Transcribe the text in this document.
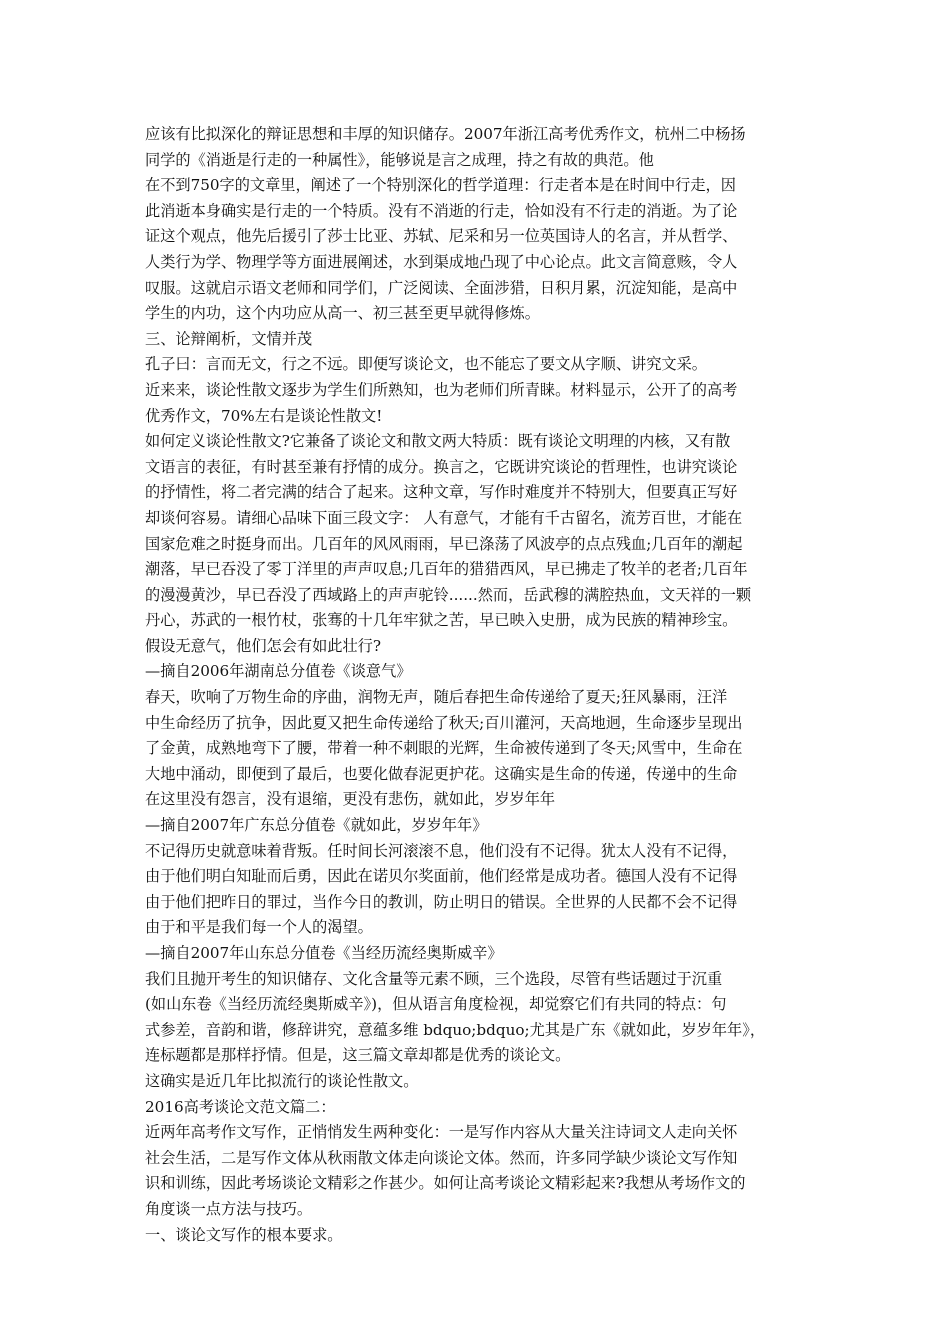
应该有比拟深化的辩证思想和丰厚的知识储存。2007年浙江高考优秀作文，杭州二中杨扬
同学的《消逝是行走的一种属性》，能够说是言之成理，持之有故的典范。他
在不到750字的文章里，阐述了一个特别深化的哲学道理：行走者本是在时间中行走，因
此消逝本身确实是行走的一个特质。没有不消逝的行走，恰如没有不行走的消逝。为了论
证这个观点，他先后援引了莎士比亚、苏轼、尼采和另一位英国诗人的名言，并从哲学、
人类行为学、物理学等方面进展阐述，水到渠成地凸现了中心论点。此文言简意赅，令人
叹服。这就启示语文老师和同学们，广泛阅读、全面涉猎，日积月累，沉淀知能，是高中
学生的内功，这个内功应从高一、初三甚至更早就得修炼。
三、论辩阐析，文情并茂
孔子曰：言而无文，行之不远。即便写谈论文，也不能忘了要文从字顺、讲究文采。
近来来，谈论性散文逐步为学生们所熟知，也为老师们所青睐。材料显示，公开了的高考
优秀作文，70%左右是谈论性散文!
如何定义谈论性散文?它兼备了谈论文和散文两大特质：既有谈论文明理的内核，又有散
文语言的表征，有时甚至兼有抒情的成分。换言之，它既讲究谈论的哲理性，也讲究谈论
的抒情性，将二者完满的结合了起来。这种文章，写作时难度并不特别大，但要真正写好
却谈何容易。请细心品味下面三段文字： 人有意气，才能有千古留名，流芳百世，才能在
国家危难之时挺身而出。几百年的风风雨雨，早已涤荡了风波亭的点点残血;几百年的潮起
潮落，早已吞没了零丁洋里的声声叹息;几百年的猎猎西风，早已拂走了牧羊的老者;几百年
的漫漫黄沙，早已吞没了西域路上的声声驼铃......然而，岳武穆的满腔热血，文天祥的一颗
丹心，苏武的一根竹杖，张骞的十几年牢狱之苦，早已映入史册，成为民族的精神珍宝。
假设无意气，他们怎会有如此壮行?
—摘自2006年湖南总分值卷《谈意气》
春天，吹响了万物生命的序曲，润物无声，随后春把生命传递给了夏天;狂风暴雨，汪洋
中生命经历了抗争，因此夏又把生命传递给了秋天;百川灌河，天高地迥，生命逐步呈现出
了金黄，成熟地弯下了腰，带着一种不刺眼的光辉，生命被传递到了冬天;风雪中，生命在
大地中涌动，即便到了最后，也要化做春泥更护花。这确实是生命的传递，传递中的生命
在这里没有怨言，没有退缩，更没有悲伤，就如此，岁岁年年
—摘自2007年广东总分值卷《就如此，岁岁年年》
不记得历史就意味着背叛。任时间长河滚滚不息，他们没有不记得。犹太人没有不记得，
由于他们明白知耻而后勇，因此在诺贝尔奖面前，他们经常是成功者。德国人没有不记得
由于他们把昨日的罪过，当作今日的教训，防止明日的错误。全世界的人民都不会不记得
由于和平是我们每一个人的渴望。
—摘自2007年山东总分值卷《当经历流经奥斯威辛》
我们且抛开考生的知识储存、文化含量等元素不顾，三个选段，尽管有些话题过于沉重
(如山东卷《当经历流经奥斯威辛》)，但从语言角度检视，却觉察它们有共同的特点：句
式参差，音韵和谐，修辞讲究，意蕴多维 bdquo;bdquo;尤其是广东《就如此，岁岁年年》，
连标题都是那样抒情。但是，这三篇文章却都是优秀的谈论文。
这确实是近几年比拟流行的谈论性散文。
2016高考谈论文范文篇二：
近两年高考作文写作，正悄悄发生两种变化：一是写作内容从大量关注诗词文人走向关怀
社会生活，二是写作文体从秋雨散文体走向谈论文体。然而，许多同学缺少谈论文写作知
识和训练，因此考场谈论文精彩之作甚少。如何让高考谈论文精彩起来?我想从考场作文的
角度谈一点方法与技巧。
一、谈论文写作的根本要求。
